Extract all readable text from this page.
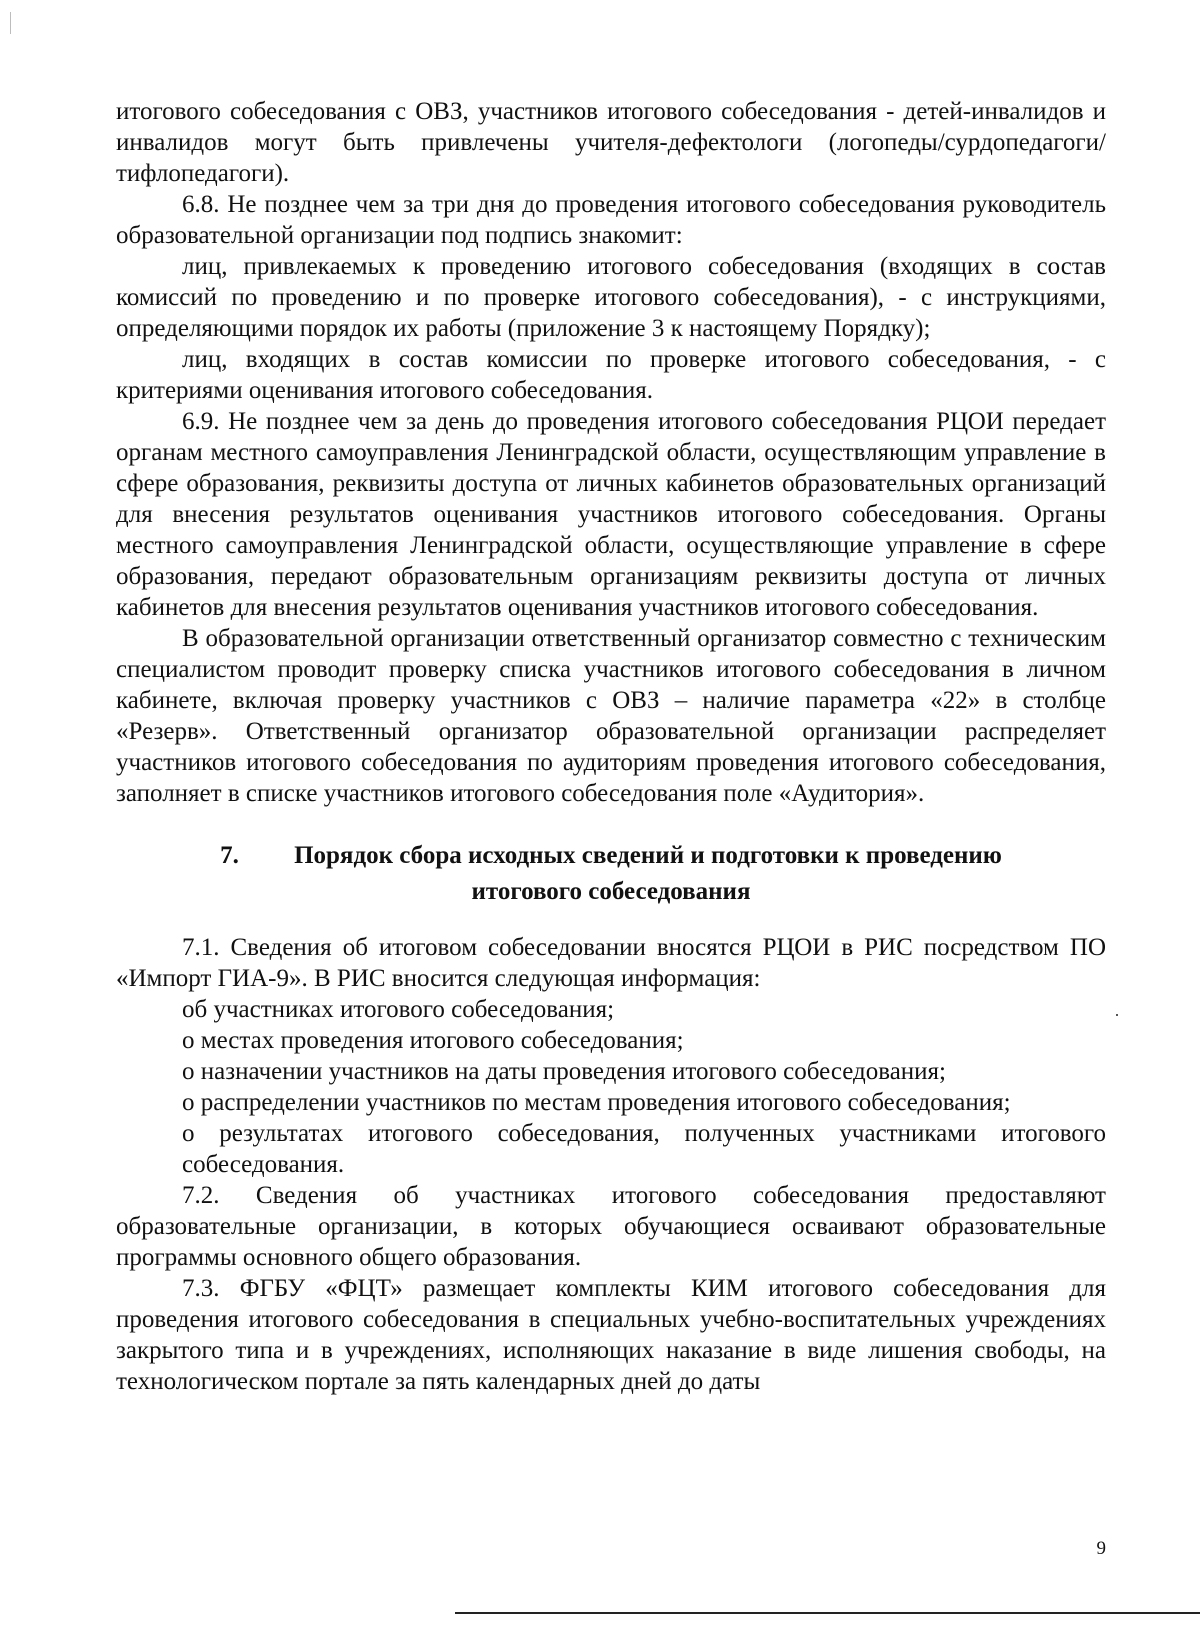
итогового собеседования с ОВЗ, участников итогового собеседования - детей-инвалидов и инвалидов могут быть привлечены учителя-дефектологи (логопеды/сурдопедагоги/тифлопедагоги).

6.8. Не позднее чем за три дня до проведения итогового собеседования руководитель образовательной организации под подпись знакомит:

лиц, привлекаемых к проведению итогового собеседования (входящих в состав комиссий по проведению и по проверке итогового собеседования), - с инструкциями, определяющими порядок их работы (приложение 3 к настоящему Порядку);

лиц, входящих в состав комиссии по проверке итогового собеседования, - с критериями оценивания итогового собеседования.

6.9. Не позднее чем за день до проведения итогового собеседования РЦОИ передает органам местного самоуправления Ленинградской области, осуществляющим управление в сфере образования, реквизиты доступа от личных кабинетов образовательных организаций для внесения результатов оценивания участников итогового собеседования. Органы местного самоуправления Ленинградской области, осуществляющие управление в сфере образования, передают образовательным организациям реквизиты доступа от личных кабинетов для внесения результатов оценивания участников итогового собеседования.

В образовательной организации ответственный организатор совместно с техническим специалистом проводит проверку списка участников итогового собеседования в личном кабинете, включая проверку участников с ОВЗ – наличие параметра «22» в столбце «Резерв». Ответственный организатор образовательной организации распределяет участников итогового собеседования по аудиториям проведения итогового собеседования, заполняет в списке участников итогового собеседования поле «Аудитория».

7. Порядок сбора исходных сведений и подготовки к проведению
итогового собеседования

7.1. Сведения об итоговом собеседовании вносятся РЦОИ в РИС посредством ПО «Импорт ГИА-9». В РИС вносится следующая информация:

об участниках итогового собеседования;

о местах проведения итогового собеседования;

о назначении участников на даты проведения итогового собеседования;

о распределении участников по местам проведения итогового собеседования;

о результатах итогового собеседования, полученных участниками итогового собеседования.

7.2. Сведения об участниках итогового собеседования предоставляют образовательные организации, в которых обучающиеся осваивают образовательные программы основного общего образования.

7.3. ФГБУ «ФЦТ» размещает комплекты КИМ итогового собеседования для проведения итогового собеседования в специальных учебно-воспитательных учреждениях закрытого типа и в учреждениях, исполняющих наказание в виде лишения свободы, на технологическом портале за пять календарных дней до даты

9
